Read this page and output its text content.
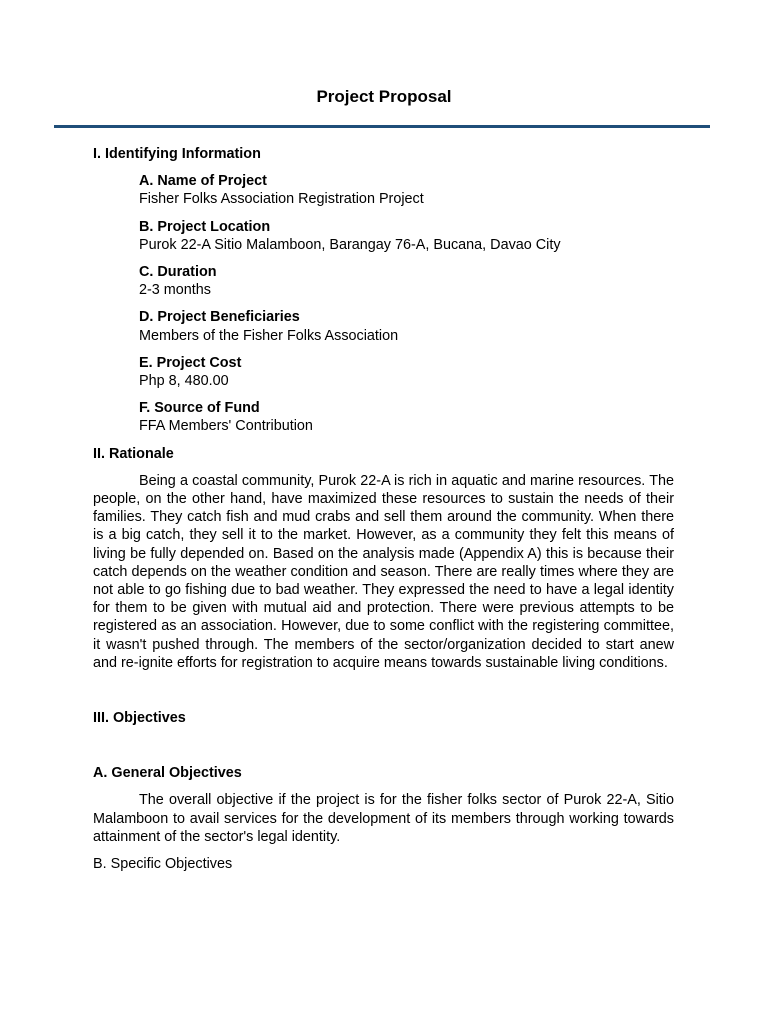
Project Proposal

I. Identifying Information

A. Name of Project
Fisher Folks Association Registration Project
B. Project Location
Purok 22-A Sitio Malamboon, Barangay 76-A, Bucana, Davao City
C. Duration
2-3 months
D. Project Beneficiaries
Members of the Fisher Folks Association
E. Project Cost
Php 8, 480.00
F. Source of Fund
FFA Members' Contribution

II. Rationale

Being a coastal community, Purok 22-A is rich in aquatic and marine resources. The people, on the other hand, have maximized these resources to sustain the needs of their families. They catch fish and mud crabs and sell them around the community. When there is a big catch, they sell it to the market. However, as a community they felt this means of living be fully depended on. Based on the analysis made (Appendix A) this is because their catch depends on the weather condition and season. There are really times where they are not able to go fishing due to bad weather. They expressed the need to have a legal identity for them to be given with mutual aid and protection. There were previous attempts to be registered as an association. However, due to some conflict with the registering committee, it wasn't pushed through. The members of the sector/organization decided to start anew and re-ignite efforts for registration to acquire means towards sustainable living conditions.

III. Objectives

A. General Objectives

The overall objective if the project is for the fisher folks sector of Purok 22-A, Sitio Malamboon to avail services for the development of its members through working towards attainment of the sector's legal identity.

B. Specific Objectives
